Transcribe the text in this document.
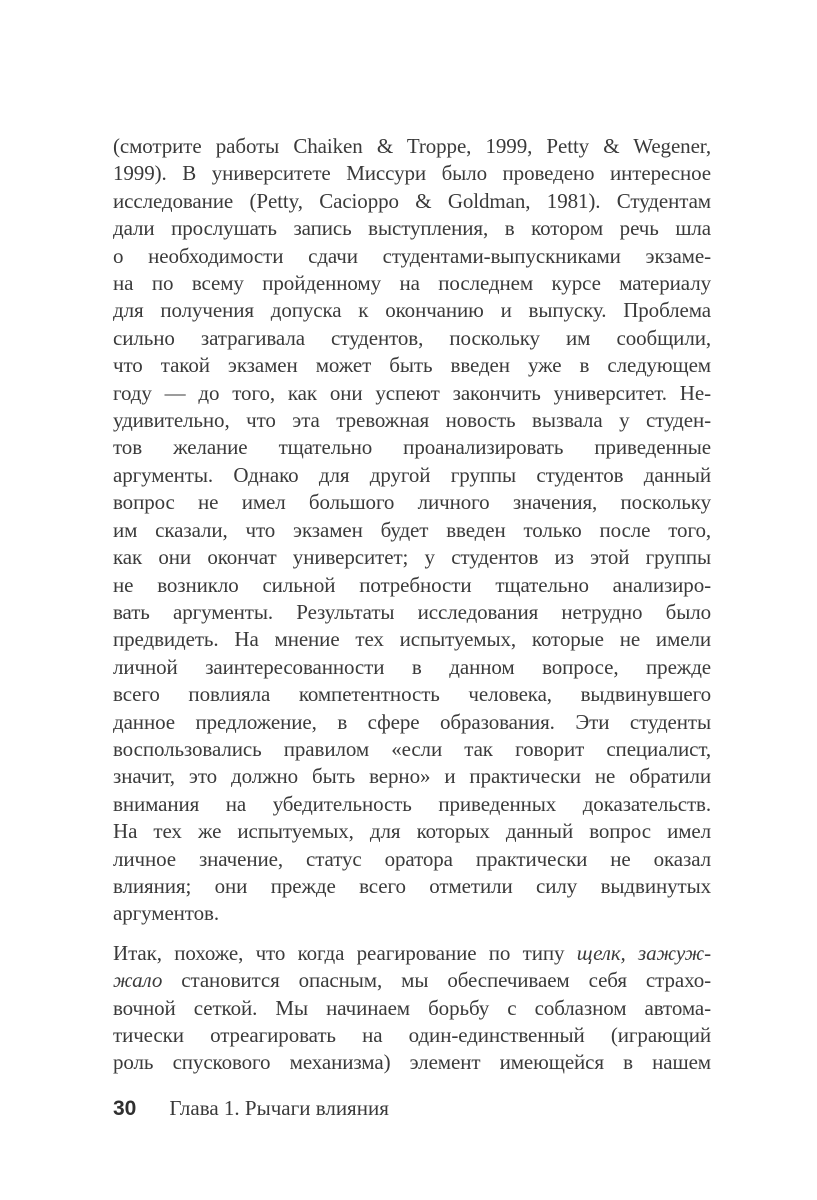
(смотрите работы Chaiken & Troppe, 1999, Petty & Wegener,
1999). В университете Миссури было проведено интересное
исследование (Petty, Cacioppo & Goldman, 1981). Студентам
дали прослушать запись выступления, в котором речь шла
о необходимости сдачи студентами-выпускниками экзаме-
на по всему пройденному на последнем курсе материалу
для получения допуска к окончанию и выпуску. Проблема
сильно затрагивала студентов, поскольку им сообщили,
что такой экзамен может быть введен уже в следующем
году — до того, как они успеют закончить университет. Не-
удивительно, что эта тревожная новость вызвала у студен-
тов желание тщательно проанализировать приведенные
аргументы. Однако для другой группы студентов данный
вопрос не имел большого личного значения, поскольку
им сказали, что экзамен будет введен только после того,
как они окончат университет; у студентов из этой группы
не возникло сильной потребности тщательно анализиро-
вать аргументы. Результаты исследования нетрудно было
предвидеть. На мнение тех испытуемых, которые не имели
личной заинтересованности в данном вопросе, прежде
всего повлияла компетентность человека, выдвинувшего
данное предложение, в сфере образования. Эти студенты
воспользовались правилом «если так говорит специалист,
значит, это должно быть верно» и практически не обратили
внимания на убедительность приведенных доказательств.
На тех же испытуемых, для которых данный вопрос имел
личное значение, статус оратора практически не оказал
влияния; они прежде всего отметили силу выдвинутых
аргументов.
Итак, похоже, что когда реагирование по типу щелк, зажуж-
жало становится опасным, мы обеспечиваем себя страхо-
вочной сеткой. Мы начинаем борьбу с соблазном автома-
тически отреагировать на один-единственный (играющий
роль спускового механизма) элемент имеющейся в нашем
30 Глава 1. Рычаги влияния
